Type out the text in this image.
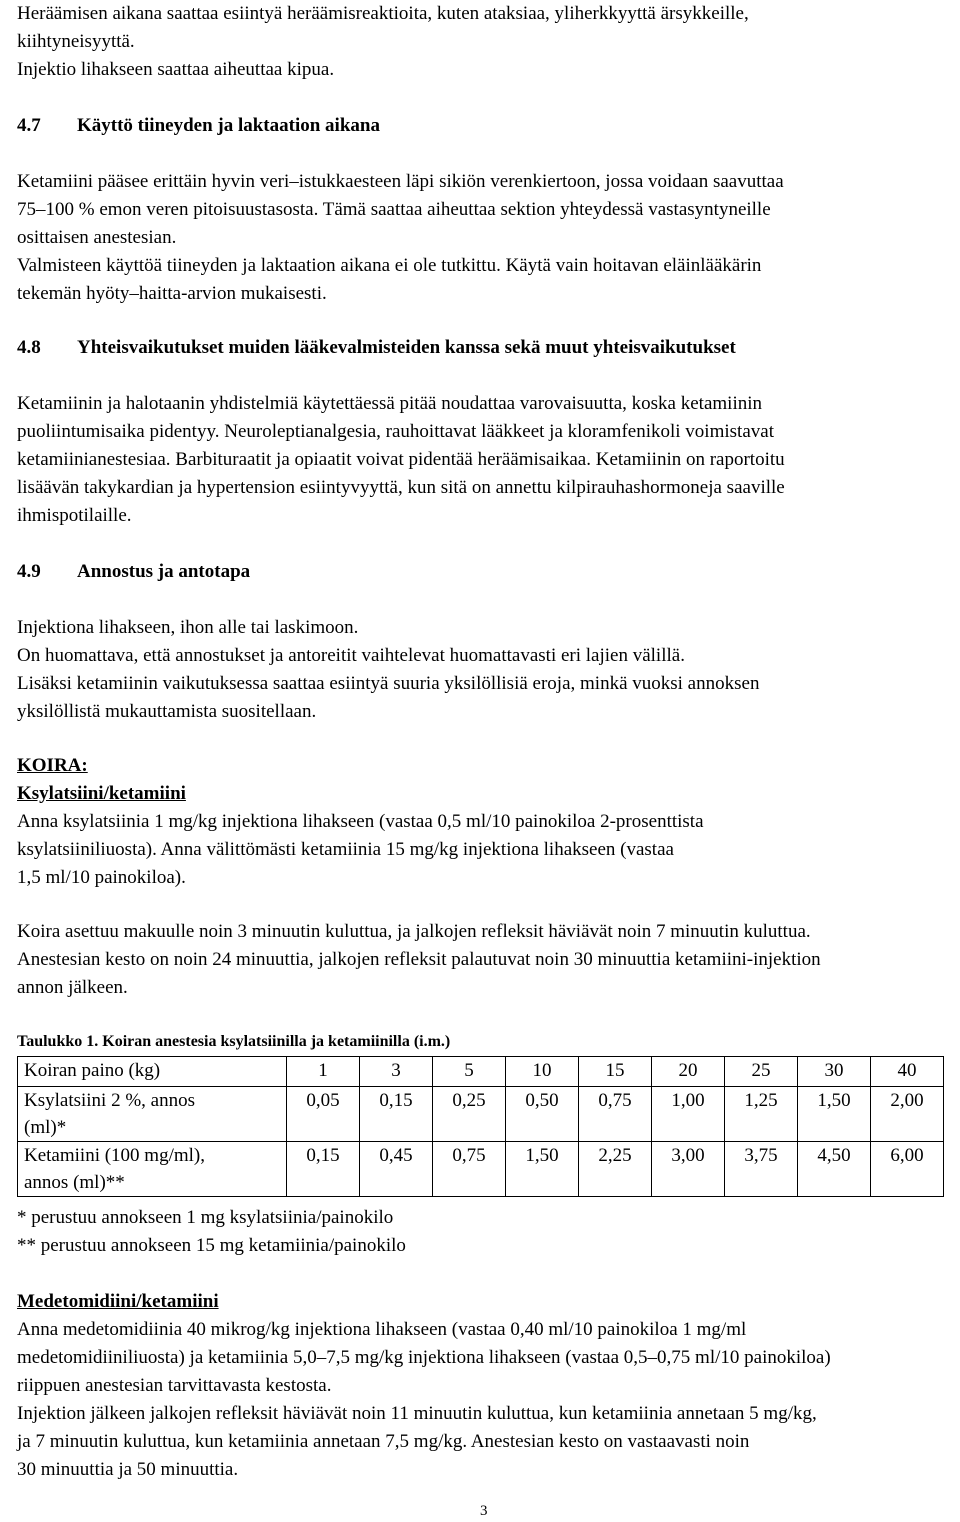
Heräämisen aikana saattaa esiintyä heräämisreaktioita, kuten ataksiaa, yliherkkyyttä ärsykkeille,
kiihtyneisyyttä.
Injektio lihakseen saattaa aiheuttaa kipua.
4.7 Käyttö tiineyden ja laktaation aikana
Ketamiini pääsee erittäin hyvin veri–istukkaesteen läpi sikiön verenkiertoon, jossa voidaan saavuttaa
75–100 % emon veren pitoisuustasosta. Tämä saattaa aiheuttaa sektion yhteydessä vastasyntyneille
osittaisen anestesian.
Valmisteen käyttöä tiineyden ja laktaation aikana ei ole tutkittu. Käytä vain hoitavan eläinlääkärin
tekemän hyöty–haitta-arvion mukaisesti.
4.8 Yhteisvaikutukset muiden lääkevalmisteiden kanssa sekä muut yhteisvaikutukset
Ketamiinin ja halotaanin yhdistelmiä käytettäessä pitää noudattaa varovaisuutta, koska ketamiinin
puoliintumisaika pidentyy. Neuroleptianalgesia, rauhoittavat lääkkeet ja kloramfenikoli voimistavat
ketamiinianestesiaa. Barbituraatit ja opiaatit voivat pidentää heräämisaikaa. Ketamiinin on raportoitu
lisäävän takykardian ja hypertension esiintyvyyttä, kun sitä on annettu kilpirauhashormoneja saaville
ihmispotilaille.
4.9 Annostus ja antotapa
Injektiona lihakseen, ihon alle tai laskimoon.
On huomattava, että annostukset ja antoreitit vaihtelevat huomattavasti eri lajien välillä.
Lisäksi ketamiinin vaikutuksessa saattaa esiintyä suuria yksilöllisiä eroja, minkä vuoksi annoksen
yksilöllistä mukauttamista suositellaan.
KOIRA:
Ksylatsiini/ketamiini
Anna ksylatsiinia 1 mg/kg injektiona lihakseen (vastaa 0,5 ml/10 painokiloa 2-prosenttista
ksylatsiiniliuosta). Anna välittömästi ketamiinia 15 mg/kg injektiona lihakseen (vastaa
1,5 ml/10 painokiloa).
Koira asettuu makuulle noin 3 minuutin kuluttua, ja jalkojen refleksit häviävät noin 7 minuutin kuluttua.
Anestesian kesto on noin 24 minuuttia, jalkojen refleksit palautuvat noin 30 minuuttia ketamiini-injektion
annon jälkeen.
Taulukko 1. Koiran anestesia ksylatsiinilla ja ketamiinilla (i.m.)
Koiran paino (kg)	1	3	5	10	15	20	25	30	40
Ksylatsiini 2 %, annos
(ml)*	0,05	0,15	0,25	0,50	0,75	1,00	1,25	1,50	2,00
Ketamiini (100 mg/ml),
annos (ml)**	0,15	0,45	0,75	1,50	2,25	3,00	3,75	4,50	6,00
* perustuu annokseen 1 mg ksylatsiinia/painokilo
** perustuu annokseen 15 mg ketamiinia/painokilo
Medetomidiini/ketamiini
Anna medetomidiinia 40 mikrog/kg injektiona lihakseen (vastaa 0,40 ml/10 painokiloa 1 mg/ml
medetomidiiniliuosta) ja ketamiinia 5,0–7,5 mg/kg injektiona lihakseen (vastaa 0,5–0,75 ml/10 painokiloa)
riippuen anestesian tarvittavasta kestosta.
Injektion jälkeen jalkojen refleksit häviävät noin 11 minuutin kuluttua, kun ketamiinia annetaan 5 mg/kg,
ja 7 minuutin kuluttua, kun ketamiinia annetaan 7,5 mg/kg. Anestesian kesto on vastaavasti noin
30 minuuttia ja 50 minuuttia.
3
